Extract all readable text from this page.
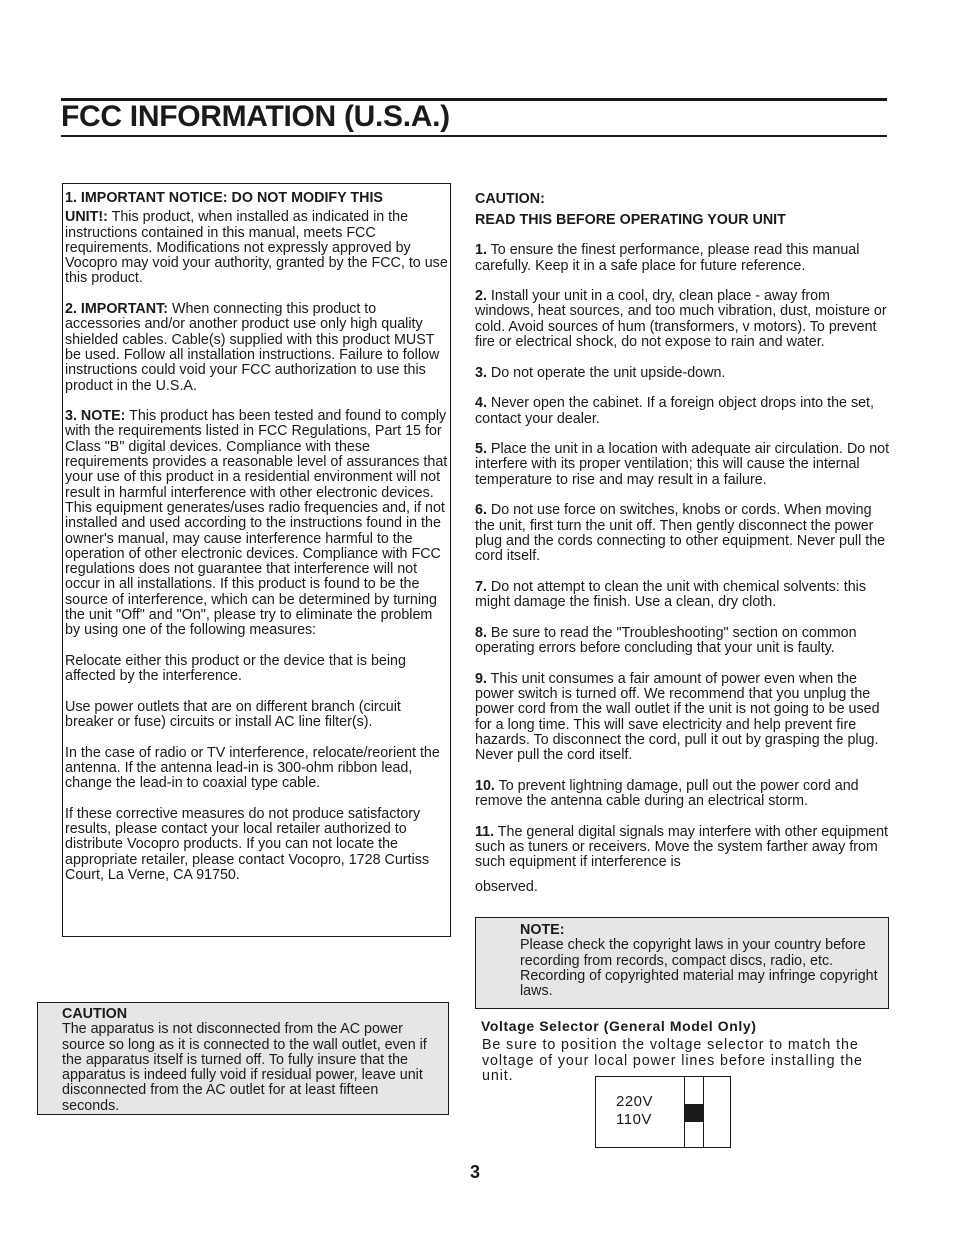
FCC INFORMATION (U.S.A.)
1. IMPORTANT NOTICE: DO NOT MODIFY THIS

UNIT!: This product, when installed as indicated in the instructions contained in this manual, meets FCC requirements. Modifications not expressly approved by Vocopro may void your authority, granted by the FCC, to use this product.

2. IMPORTANT: When connecting this product to accessories and/or another product use only high quality shielded cables. Cable(s) supplied with this product MUST be used. Follow all installation instructions. Failure to follow instructions could void your FCC authorization to use this product in the U.S.A.

3. NOTE: This product has been tested and found to comply with the requirements listed in FCC Regulations, Part 15 for Class "B" digital devices. Compliance with these requirements provides a reasonable level of assurances that your use of this product in a residential environment will not result in harmful interference with other electronic devices. This equipment generates/uses radio frequencies and, if not installed and used according to the instructions found in the owner's manual, may cause interference harmful to the operation of other electronic devices. Compliance with FCC regulations does not guarantee that interference will not occur in all installations. If this product is found to be the source of interference, which can be determined by turning the unit "Off" and "On", please try to eliminate the problem by using one of the following measures:

Relocate either this product or the device that is being affected by the interference.

Use power outlets that are on different branch (circuit breaker or fuse) circuits or install AC line filter(s).

In the case of radio or TV interference, relocate/reorient the antenna. If the antenna lead-in is 300-ohm ribbon lead, change the lead-in to coaxial type cable.

If these corrective measures do not produce satisfactory results, please contact your local retailer authorized to distribute Vocopro products. If you can not locate the appropriate retailer, please contact Vocopro, 1728 Curtiss Court, La Verne, CA 91750.

CAUTION
The apparatus is not disconnected from the AC power source so long as it is connected to the wall outlet, even if the apparatus itself is turned off. To fully insure that the apparatus is indeed fully void if residual power, leave unit disconnected from the AC outlet for at least fifteen seconds.
CAUTION:
READ THIS BEFORE OPERATING YOUR UNIT

1. To ensure the finest performance, please read this manual carefully. Keep it in a safe place for future reference.

2. Install your unit in a cool, dry, clean place - away from windows, heat sources, and too much vibration, dust, moisture or cold. Avoid sources of hum (transformers, v motors). To prevent fire or electrical shock, do not expose to rain and water.

3. Do not operate the unit upside-down.

4. Never open the cabinet. If a foreign object drops into the set, contact your dealer.

5. Place the unit in a location with adequate air circulation. Do not interfere with its proper ventilation; this will cause the internal temperature to rise and may result in a failure.

6. Do not use force on switches, knobs or cords. When moving the unit, first turn the unit off. Then gently disconnect the power plug and the cords connecting to other equipment. Never pull the cord itself.

7. Do not attempt to clean the unit with chemical solvents: this might damage the finish. Use a clean, dry cloth.

8. Be sure to read the "Troubleshooting" section on common operating errors before concluding that your unit is faulty.

9. This unit consumes a fair amount of power even when the power switch is turned off. We recommend that you unplug the power cord from the wall outlet if the unit is not going to be used for a long time. This will save electricity and help prevent fire hazards. To disconnect the cord, pull it out by grasping the plug. Never pull the cord itself.

10. To prevent lightning damage, pull out the power cord and remove the antenna cable during an electrical storm.

11. The general digital signals may interfere with other equipment such as tuners or receivers. Move the system farther away from such equipment if interference is

observed.
NOTE:
Please check the copyright laws in your country before recording from records, compact discs, radio, etc. Recording of copyrighted material may infringe copyright laws.
Voltage Selector (General Model Only)
Be sure to position the voltage selector to match the voltage of your local power lines before installing the unit.
220V
110V
3
